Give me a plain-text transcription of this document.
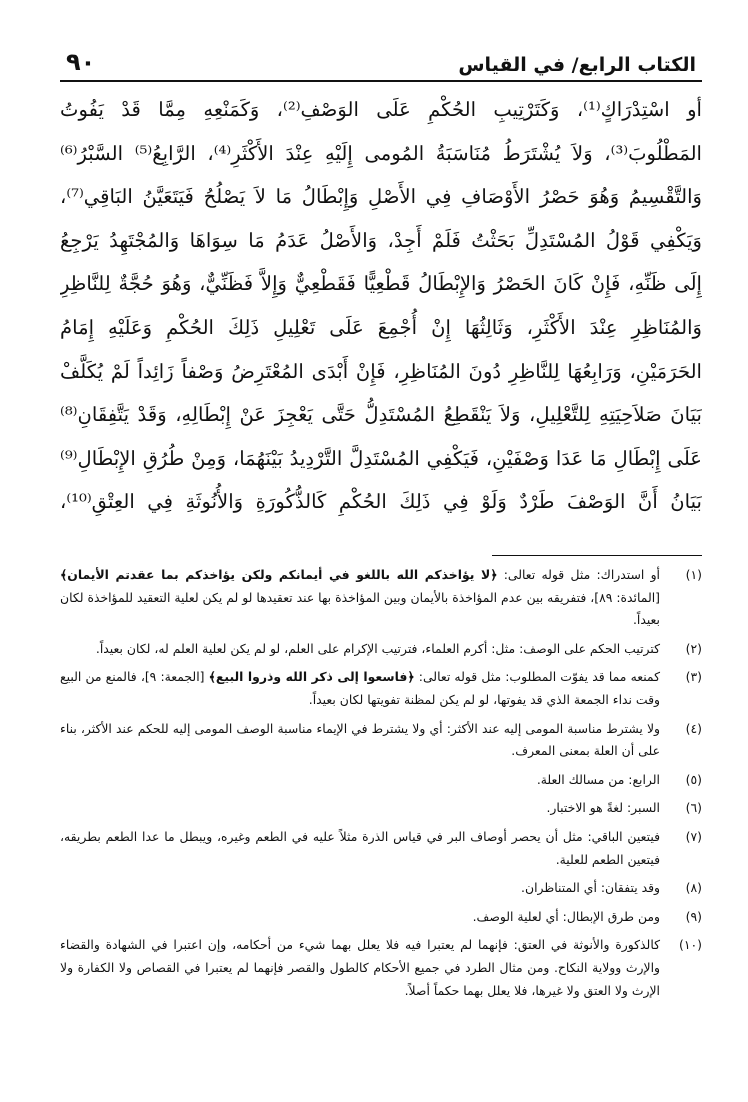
الكتاب الرابع/ في القياس
٩٠
أو اسْتِدْرَاكٍ⁽¹⁾، وَكَتَرْتِيبِ الحُكْمِ عَلَى الوَصْفِ⁽²⁾، وَكَمَنْعِهِ مِمَّا قَدْ يَفُوتُ
المَطْلُوبَ⁽³⁾، وَلاَ يُشْتَرَطُ مُنَاسَبَةُ المُومى إِلَيْهِ عِنْدَ الأَكْثَرِ⁽⁴⁾، الرَّابِعُ⁽⁵⁾ السَّبْرُ⁽⁶⁾
وَالتَّقْسِيمُ وَهُوَ حَصْرُ الأَوْصَافِ فِي الأَصْلِ وَإِبْطَالُ مَا لاَ يَصْلُحُ فَيَتَعَيَّنُ البَاقِي⁽⁷⁾،
وَيَكْفِي قَوْلُ المُسْتَدِلِّ بَحَثْتُ فَلَمْ أَجِدْ، وَالأَصْلُ عَدَمُ مَا سِوَاهَا وَالمُجْتَهِدُ يَرْجِعُ
إِلَى ظَنِّهِ، فَإِنْ كَانَ الحَصْرُ وَالإِبْطَالُ قَطْعِيًّا فَقَطْعِيٌّ وَإِلاَّ فَظَنِّيٌّ، وَهُوَ حُجَّةٌ لِلنَّاظِرِ
وَالمُنَاظِرِ عِنْدَ الأَكْثَرِ، وَثَالِثُهَا إِنْ أُجْمِعَ عَلَى تَعْلِيلِ ذَلِكَ الحُكْمِ وَعَلَيْهِ إِمَامُ
الحَرَمَيْنِ، وَرَابِعُهَا لِلنَّاظِرِ دُونَ المُنَاظِرِ، فَإِنْ أَبْدَى المُعْتَرِضُ وَصْفاً زَائِداً لَمْ يُكَلَّفْ
بَيَانَ صَلاَحِيَتِهِ لِلتَّعْلِيلِ، وَلاَ يَنْقَطِعُ المُسْتَدِلُّ حَتَّى يَعْجِزَ عَنْ إِبْطَالِهِ، وَقَدْ يَتَّفِقَانِ⁽⁸⁾
عَلَى إِبْطَالِ مَا عَدَا وَصْفَيْنِ، فَيَكْفِي المُسْتَدِلَّ التَّرْدِيدُ بَيْنَهُمَا، وَمِنْ طُرُقِ الإِبْطَالِ⁽⁹⁾
بَيَانُ أَنَّ الوَصْفَ طَرْدٌ وَلَوْ فِي ذَلِكَ الحُكْمِ كَالذُّكُورَةِ وَالأُنُوثَةِ فِي العِتْقِ⁽¹⁰⁾،
(١)
أو استدراك: مثل قوله تعالى: ﴿لا يؤاخذكم الله باللغو في أيمانكم ولكن يؤاخذكم بما عقدتم الأيمان﴾ [المائدة: ٨٩]، فتفريقه بين عدم المؤاخذة بالأيمان وبين المؤاخذة بها عند تعقيدها لو لم يكن لعلية التعقيد للمؤاخذة لكان بعيداً.
(٢)
كترتيب الحكم على الوصف: مثل: أكرم العلماء، فترتيب الإكرام على العلم، لو لم يكن لعلية العلم له، لكان بعيداً.
(٣)
كمنعه مما قد يفوّت المطلوب: مثل قوله تعالى: ﴿فاسعوا إلى ذكر الله وذروا البيع﴾ [الجمعة: ٩]، فالمنع من البيع وقت نداء الجمعة الذي قد يفوتها، لو لم يكن لمظنة تفويتها لكان بعيداً.
(٤)
ولا يشترط مناسبة المومى إليه عند الأكثر: أي ولا يشترط في الإيماء مناسبة الوصف المومى إليه للحكم عند الأكثر، بناء على أن العلة بمعنى المعرف.
(٥)
الرابع: من مسالك العلة.
(٦)
السبر: لغةً هو الاختبار.
(٧)
فيتعين الباقي: مثل أن يحصر أوصاف البر في قياس الذرة مثلاً عليه في الطعم وغيره، ويبطل ما عدا الطعم بطريقه، فيتعين الطعم للعلية.
(٨)
وقد يتفقان: أي المتناظران.
(٩)
ومن طرق الإبطال: أي لعلية الوصف.
(١٠)
كالذكورة والأنوثة في العتق: فإنهما لم يعتبرا فيه فلا يعلل بهما شيء من أحكامه، وإن اعتبرا في الشهادة والقضاء والإرث وولاية النكاح. ومن مثال الطرد في جميع الأحكام كالطول والقصر فإنهما لم يعتبرا في القصاص ولا الكفارة ولا الإرث ولا العتق ولا غيرها، فلا يعلل بهما حكماً أصلاً.
